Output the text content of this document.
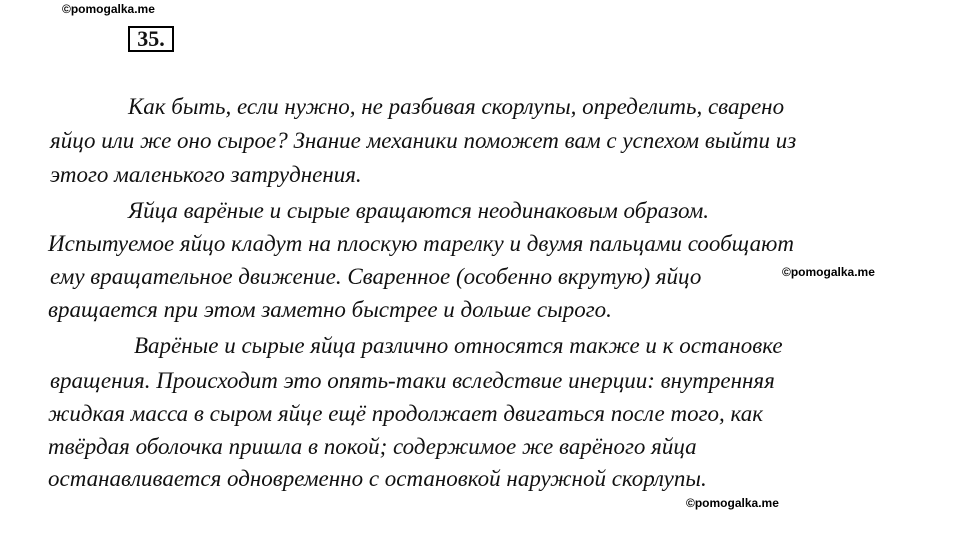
©pomogalka.me
35.
Как быть, если нужно, не разбивая скорлупы, определить, сварено
яйцо или же оно сырое? Знание механики поможет вам с успехом выйти из
этого маленького затруднения.
Яйца варёные и сырые вращаются неодинаковым образом.
Испытуемое яйцо кладут на плоскую тарелку и двумя пальцами сообщают
ему вращательное движение. Сваренное (особенно вкрутую) яйцо	©pomogalka.me
вращается при этом заметно быстрее и дольше сырого.
Варёные и сырые яйца различно относятся также и к остановке
вращения. Происходит это опять-таки вследствие инерции: внутренняя
жидкая масса в сыром яйце ещё продолжает двигаться после того, как
твёрдая оболочка пришла в покой; содержимое же варёного яйца
останавливается одновременно с остановкой наружной скорлупы.
©pomogalka.me
